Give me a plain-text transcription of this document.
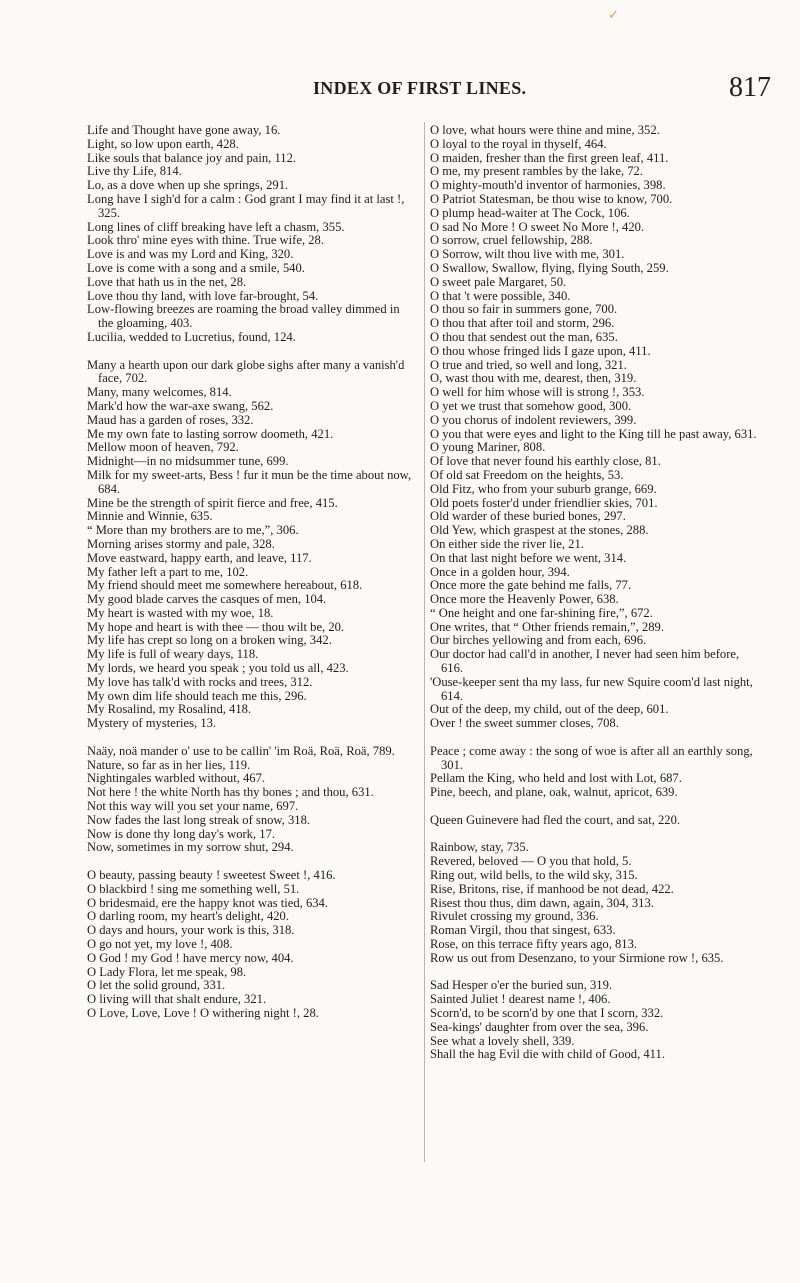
✓
INDEX OF FIRST LINES.	817
Life and Thought have gone away, 16.
Light, so low upon earth, 428.
Like souls that balance joy and pain, 112.
Live thy Life, 814.
Lo, as a dove when up she springs, 291.
Long have I sigh'd for a calm : God grant I may find it at last !, 325.
Long lines of cliff breaking have left a chasm, 355.
Look thro' mine eyes with thine. True wife, 28.
Love is and was my Lord and King, 320.
Love is come with a song and a smile, 540.
Love that hath us in the net, 28.
Love thou thy land, with love far-brought, 54.
Low-flowing breezes are roaming the broad valley dimmed in the gloaming, 403.
Lucilia, wedded to Lucretius, found, 124.
Many a hearth upon our dark globe sighs after many a vanish'd face, 702.
Many, many welcomes, 814.
Mark'd how the war-axe swang, 562.
Maud has a garden of roses, 332.
Me my own fate to lasting sorrow doometh, 421.
Mellow moon of heaven, 792.
Midnight—in no midsummer tune, 699.
Milk for my sweet-arts, Bess ! fur it mun be the time about now, 684.
Mine be the strength of spirit fierce and free, 415.
Minnie and Winnie, 635.
“ More than my brothers are to me,”, 306.
Morning arises stormy and pale, 328.
Move eastward, happy earth, and leave, 117.
My father left a part to me, 102.
My friend should meet me somewhere hereabout, 618.
My good blade carves the casques of men, 104.
My heart is wasted with my woe, 18.
My hope and heart is with thee — thou wilt be, 20.
My life has crept so long on a broken wing, 342.
My life is full of weary days, 118.
My lords, we heard you speak ; you told us all, 423.
My love has talk'd with rocks and trees, 312.
My own dim life should teach me this, 296.
My Rosalind, my Rosalind, 418.
Mystery of mysteries, 13.
Naäy, noä mander o' use to be callin' 'im Roä, Roä, Roä, 789.
Nature, so far as in her lies, 119.
Nightingales warbled without, 467.
Not here ! the white North has thy bones ; and thou, 631.
Not this way will you set your name, 697.
Now fades the last long streak of snow, 318.
Now is done thy long day's work, 17.
Now, sometimes in my sorrow shut, 294.
O beauty, passing beauty ! sweetest Sweet !, 416.
O blackbird ! sing me something well, 51.
O bridesmaid, ere the happy knot was tied, 634.
O darling room, my heart's delight, 420.
O days and hours, your work is this, 318.
O go not yet, my love !, 408.
O God ! my God ! have mercy now, 404.
O Lady Flora, let me speak, 98.
O let the solid ground, 331.
O living will that shalt endure, 321.
O Love, Love, Love ! O withering night !, 28.
O love, what hours were thine and mine, 352.
O loyal to the royal in thyself, 464.
O maiden, fresher than the first green leaf, 411.
O me, my present rambles by the lake, 72.
O mighty-mouth'd inventor of harmonies, 398.
O Patriot Statesman, be thou wise to know, 700.
O plump head-waiter at The Cock, 106.
O sad No More ! O sweet No More !, 420.
O sorrow, cruel fellowship, 288.
O Sorrow, wilt thou live with me, 301.
O Swallow, Swallow, flying, flying South, 259.
O sweet pale Margaret, 50.
O that 't were possible, 340.
O thou so fair in summers gone, 700.
O thou that after toil and storm, 296.
O thou that sendest out the man, 635.
O thou whose fringed lids I gaze upon, 411.
O true and tried, so well and long, 321.
O, wast thou with me, dearest, then, 319.
O well for him whose will is strong !, 353.
O yet we trust that somehow good, 300.
O you chorus of indolent reviewers, 399.
O you that were eyes and light to the King till he past away, 631.
O young Mariner, 808.
Of love that never found his earthly close, 81.
Of old sat Freedom on the heights, 53.
Old Fitz, who from your suburb grange, 669.
Old poets foster'd under friendlier skies, 701.
Old warder of these buried bones, 297.
Old Yew, which graspest at the stones, 288.
On either side the river lie, 21.
On that last night before we went, 314.
Once in a golden hour, 394.
Once more the gate behind me falls, 77.
Once more the Heavenly Power, 638.
“ One height and one far-shining fire,”, 672.
One writes, that “ Other friends remain,”, 289.
Our birches yellowing and from each, 696.
Our doctor had call'd in another, I never had seen him before, 616.
'Ouse-keeper sent tha my lass, fur new Squire coom'd last night, 614.
Out of the deep, my child, out of the deep, 601.
Over ! the sweet summer closes, 708.
Peace ; come away : the song of woe is after all an earthly song, 301.
Pellam the King, who held and lost with Lot, 687.
Pine, beech, and plane, oak, walnut, apricot, 639.
Queen Guinevere had fled the court, and sat, 220.
Rainbow, stay, 735.
Revered, beloved — O you that hold, 5.
Ring out, wild bells, to the wild sky, 315.
Rise, Britons, rise, if manhood be not dead, 422.
Risest thou thus, dim dawn, again, 304, 313.
Rivulet crossing my ground, 336.
Roman Virgil, thou that singest, 633.
Rose, on this terrace fifty years ago, 813.
Row us out from Desenzano, to your Sirmione row !, 635.
Sad Hesper o'er the buried sun, 319.
Sainted Juliet ! dearest name !, 406.
Scorn'd, to be scorn'd by one that I scorn, 332.
Sea-kings' daughter from over the sea, 396.
See what a lovely shell, 339.
Shall the hag Evil die with child of Good, 411.
